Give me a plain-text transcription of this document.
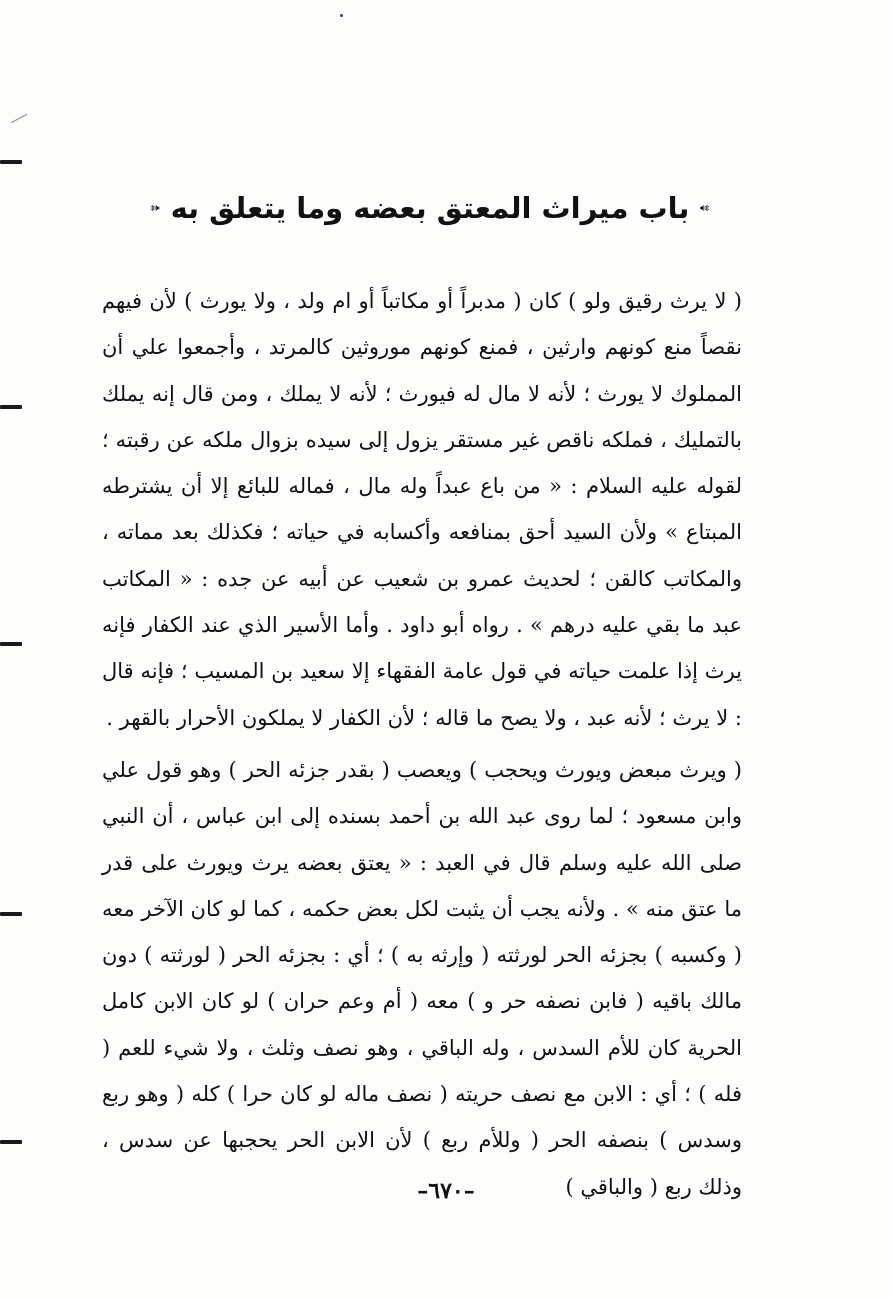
باب ميراث المعتق بعضه وما يتعلق به

( لا يرث رقيق ولو ) كان ( مدبراً أو مكاتباً أو ام ولد ، ولا يورث ) لأن فيهم نقصاً منع كونهم وارثين ، فمنع كونهم موروثين كالمرتد ، وأجمعوا علي أن المملوك لا يورث ؛ لأنه لا مال له فيورث ؛ لأنه لا يملك ، ومن قال إنه يملك بالتمليك ، فملكه ناقص غير مستقر يزول إلى سيده بزوال ملكه عن رقبته ؛ لقوله عليه السلام : « من باع عبداً وله مال ، فماله للبائع إلا أن يشترطه المبتاع » ولأن السيد أحق بمنافعه وأكسابه في حياته ؛ فكذلك بعد مماته ، والمكاتب كالقن ؛ لحديث عمرو بن شعيب عن أبيه عن جده : « المكاتب عبد ما بقي عليه درهم » . رواه أبو داود . وأما الأسير الذي عند الكفار فإنه يرث إذا علمت حياته في قول عامة الفقهاء إلا سعيد بن المسيب ؛ فإنه قال : لا يرث ؛ لأنه عبد ، ولا يصح ما قاله ؛ لأن الكفار لا يملكون الأحرار بالقهر .

( ويرث مبعض ويورث ويحجب ) ويعصب ( بقدر جزئه الحر ) وهو قول علي وابن مسعود ؛ لما روى عبد الله بن أحمد بسنده إلى ابن عباس ، أن النبي صلى الله عليه وسلم قال في العبد : « يعتق بعضه يرث ويورث على قدر ما عتق منه » . ولأنه يجب أن يثبت لكل بعض حكمه ، كما لو كان الآخر معه ( وكسبه ) بجزئه الحر لورثته ( وإرثه به ) ؛ أي : بجزئه الحر ( لورثته ) دون مالك باقيه ( فابن نصفه حر و ) معه ( أم وعم حران ) لو كان الابن كامل الحرية كان للأم السدس ، وله الباقي ، وهو نصف وثلث ، ولا شيء للعم ( فله ) ؛ أي : الابن مع نصف حريته ( نصف ماله لو كان حرا ) كله ( وهو ربع وسدس ) بنصفه الحر ( وللأم ربع ) لأن الابن الحر يحجبها عن سدس ، وذلك ربع ( والباقي )

–٦٧٠–
